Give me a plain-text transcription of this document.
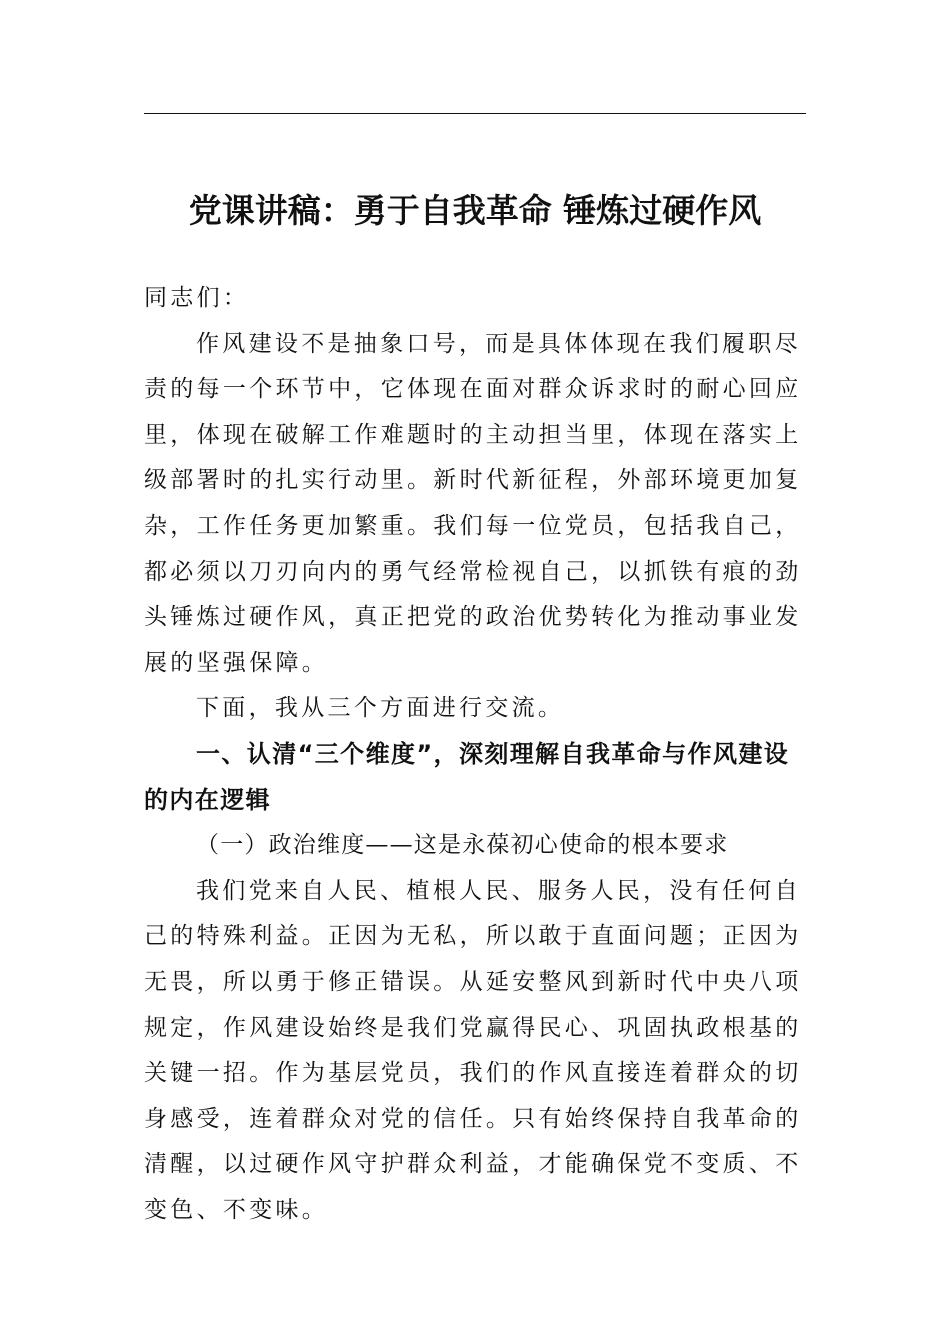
党课讲稿：勇于自我革命 锤炼过硬作风

同志们：

作风建设不是抽象口号，而是具体体现在我们履职尽责的每一个环节中，它体现在面对群众诉求时的耐心回应里，体现在破解工作难题时的主动担当里，体现在落实上级部署时的扎实行动里。新时代新征程，外部环境更加复杂，工作任务更加繁重。我们每一位党员，包括我自己，都必须以刀刃向内的勇气经常检视自己，以抓铁有痕的劲头锤炼过硬作风，真正把党的政治优势转化为推动事业发展的坚强保障。

下面，我从三个方面进行交流。

一、认清“三个维度”，深刻理解自我革命与作风建设的内在逻辑

（一）政治维度——这是永葆初心使命的根本要求

我们党来自人民、植根人民、服务人民，没有任何自己的特殊利益。正因为无私，所以敢于直面问题；正因为无畏，所以勇于修正错误。从延安整风到新时代中央八项规定，作风建设始终是我们党赢得民心、巩固执政根基的关键一招。作为基层党员，我们的作风直接连着群众的切身感受，连着群众对党的信任。只有始终保持自我革命的清醒，以过硬作风守护群众利益，才能确保党不变质、不变色、不变味。
